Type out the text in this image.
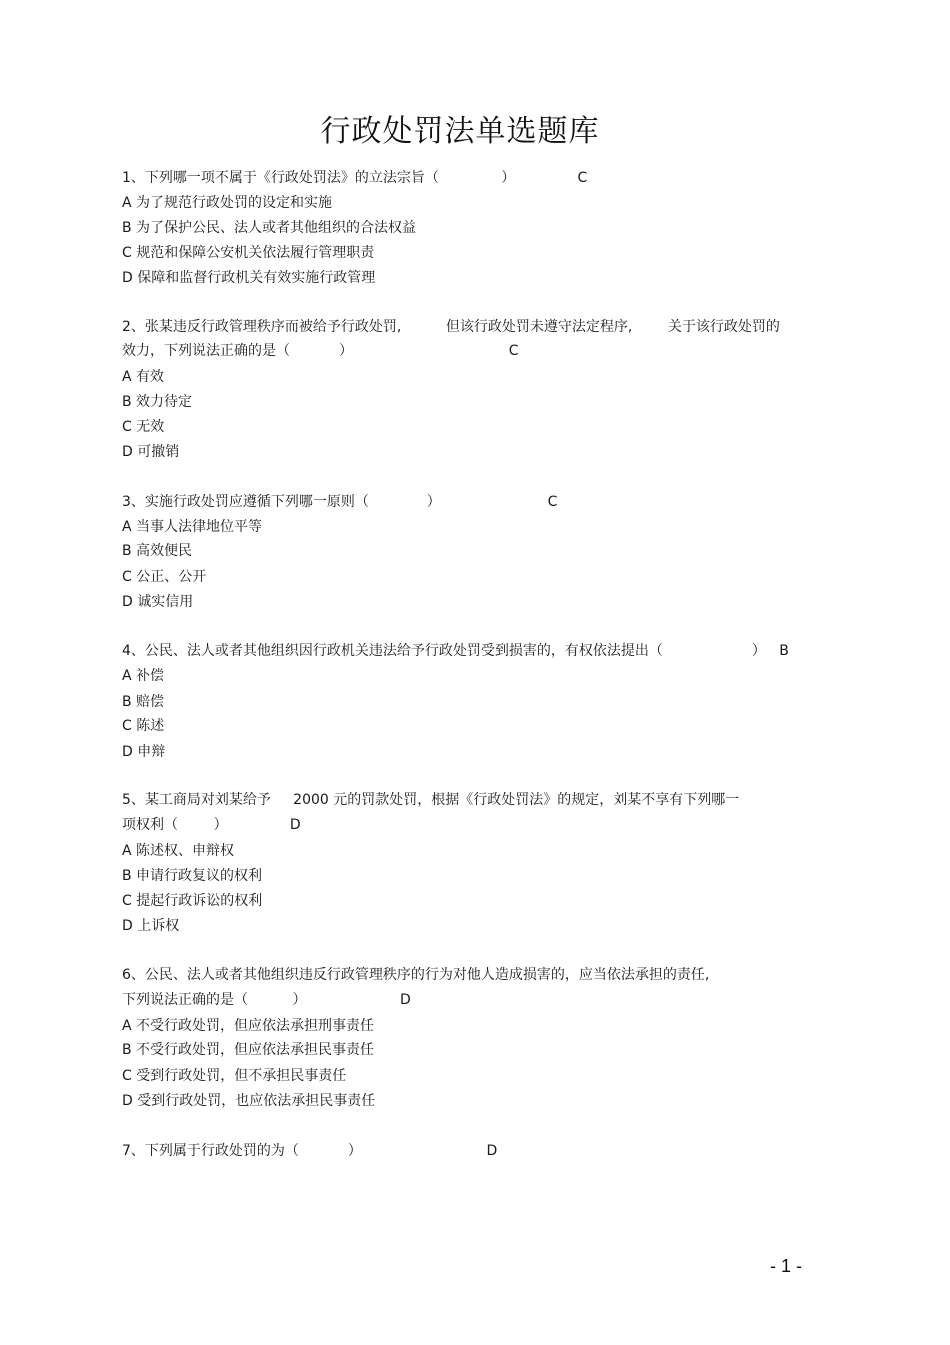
行政处罚法单选题库
1、下列哪一项不属于《行政处罚法》的立法宗旨（              ）              C
A 为了规范行政处罚的设定和实施
B 为了保护公民、法人或者其他组织的合法权益
C 规范和保障公安机关依法履行管理职责
D 保障和监督行政机关有效实施行政管理
2、张某违反行政管理秩序而被给予行政处罚,          但该行政处罚未遵守法定程序,        关于该行政处罚的
效力，下列说法正确的是（           ）                                   C
A 有效
B 效力待定
C 无效
D 可撤销
3、实施行政处罚应遵循下列哪一原则（             ）                        C
A 当事人法律地位平等
B 高效便民
C 公正、公开
D 诚实信用
4、公民、法人或者其他组织因行政机关违法给予行政处罚受到损害的，有权依法提出（                    ）   B
A 补偿
B 赔偿
C 陈述
D 申辩
5、某工商局对刘某给予     2000 元的罚款处罚，根据《行政处罚法》的规定，刘某不享有下列哪一
项权利（        ）              D
A 陈述权、申辩权
B 申请行政复议的权利
C 提起行政诉讼的权利
D 上诉权
6、公民、法人或者其他组织违反行政管理秩序的行为对他人造成损害的，应当依法承担的责任,
下列说法正确的是（          ）                     D
A 不受行政处罚，但应依法承担刑事责任
B 不受行政处罚，但应依法承担民事责任
C 受到行政处罚，但不承担民事责任
D 受到行政处罚，也应依法承担民事责任
7、下列属于行政处罚的为（           ）                            D
- 1 -
